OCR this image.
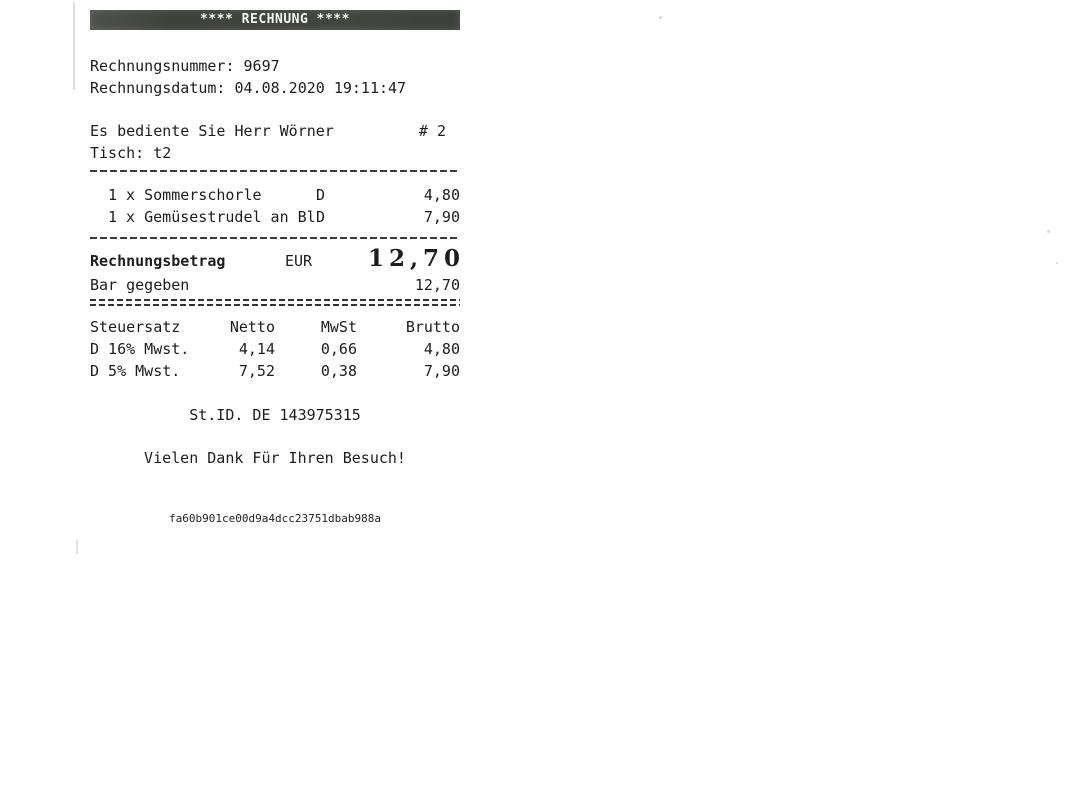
**** RECHNUNG ****
Rechnungsnummer: 9697
Rechnungsdatum: 04.08.2020 19:11:47
Es bediente Sie Herr Wörner	# 2
Tisch: t2
1 x Sommerschorle	D	4,80
1 x Gemüsestrudel an Bl D	7,90
Rechnungsbetrag	EUR 12,70
Bar gegeben	12,70
Steuersatz	Netto	MwSt	Brutto
D 16% Mwst.	4,14	0,66	4,80
D 5% Mwst.	7,52	0,38	7,90
St.ID. DE 143975315
Vielen Dank Für Ihren Besuch!
fa60b901ce00d9a4dcc23751dbab988a
